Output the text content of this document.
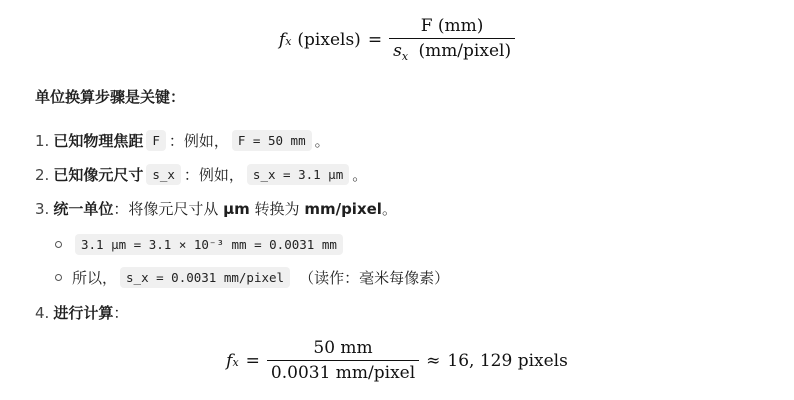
f x (pixels) = $\frac{F (mm)}{s_x (mm/pixel)}$
单位换算步骤是关键：
1. 已知物理焦距 F ：例如， F = 50 mm 。
2. 已知像元尺寸 s_x ：例如， s_x = 3.1 μm 。
3. 统一单位 ：将像元尺寸从 μm 转换为 mm/pixel 。
3.1 μm = 3.1 × 10⁻³ mm = 0.0031 mm
所以， s_x = 0.0031 mm/pixel	（读作：毫米每像素）
4. 进行计算 ：
f $x = \frac{50 mm}{\text{0.0031 mm/pixel}} \approx 16$, 129 pixels
